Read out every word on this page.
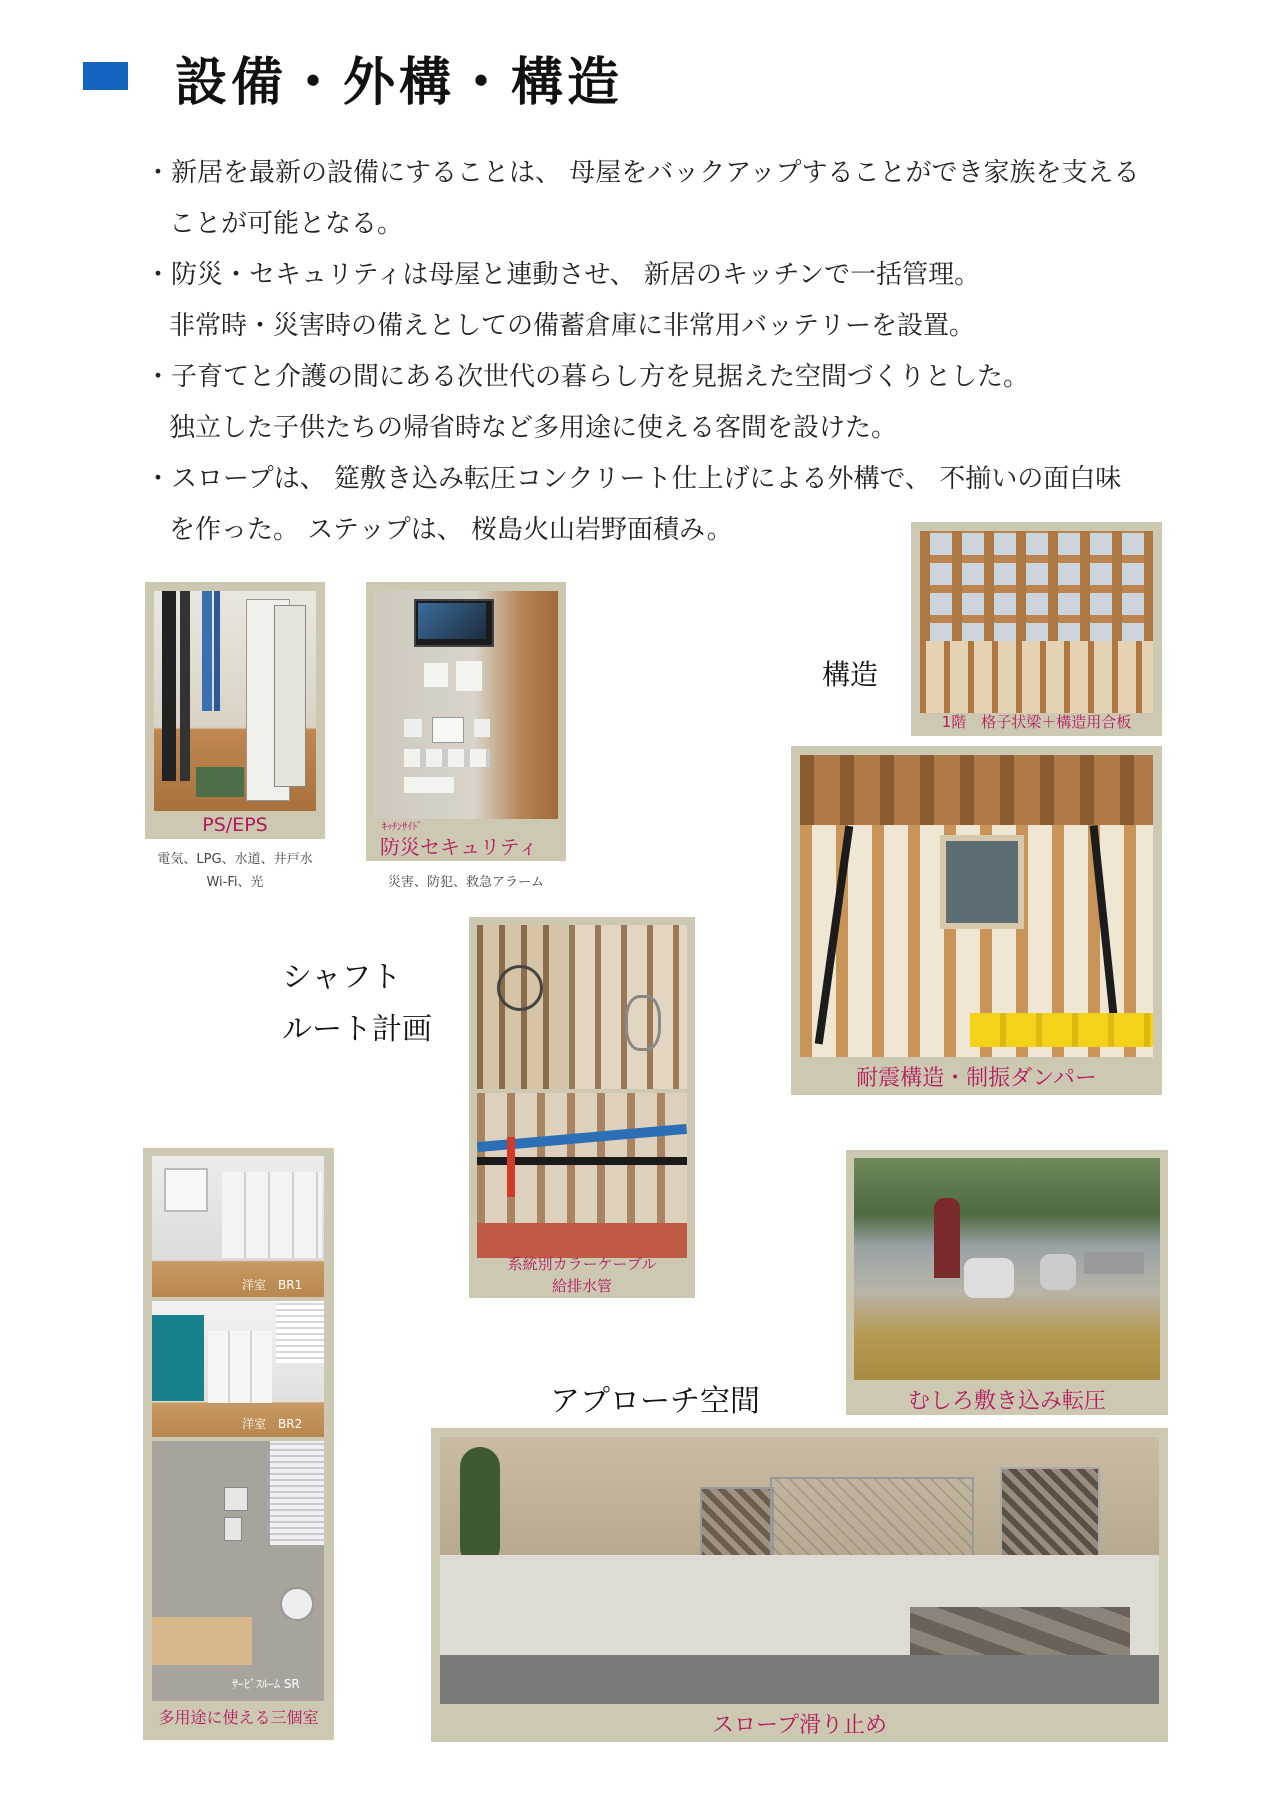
設備・外構・構造
・新居を最新の設備にすることは、 母屋をバックアップすることができ家族を支える
ことが可能となる。
・防災・セキュリティは母屋と連動させ、 新居のキッチンで一括管理。
非常時・災害時の備えとしての備蓄倉庫に非常用バッテリーを設置。
・子育てと介護の間にある次世代の暮らし方を見据えた空間づくりとした。
独立した子供たちの帰省時など多用途に使える客間を設けた。
・スロープは、 筵敷き込み転圧コンクリート仕上げによる外構で、 不揃いの面白味
を作った。 ステップは、 桜島火山岩野面積み。
PS/EPS
電気、LPG、水道、井戸水
Wi-Fi、光
ｷｯﾁﾝｻｲﾄﾞ
防災セキュリティ
災害、防犯、救急アラーム
構造
1階　格子状梁＋構造用合板
耐震構造・制振ダンパー
シャフト
ルート計画
系統別カラーケーブル
給排水管
洋室　BR1
洋室　BR2
ｻｰﾋﾞｽﾙｰﾑ SR
多用途に使える三個室
むしろ敷き込み転圧
アプローチ空間
スロープ滑り止め
